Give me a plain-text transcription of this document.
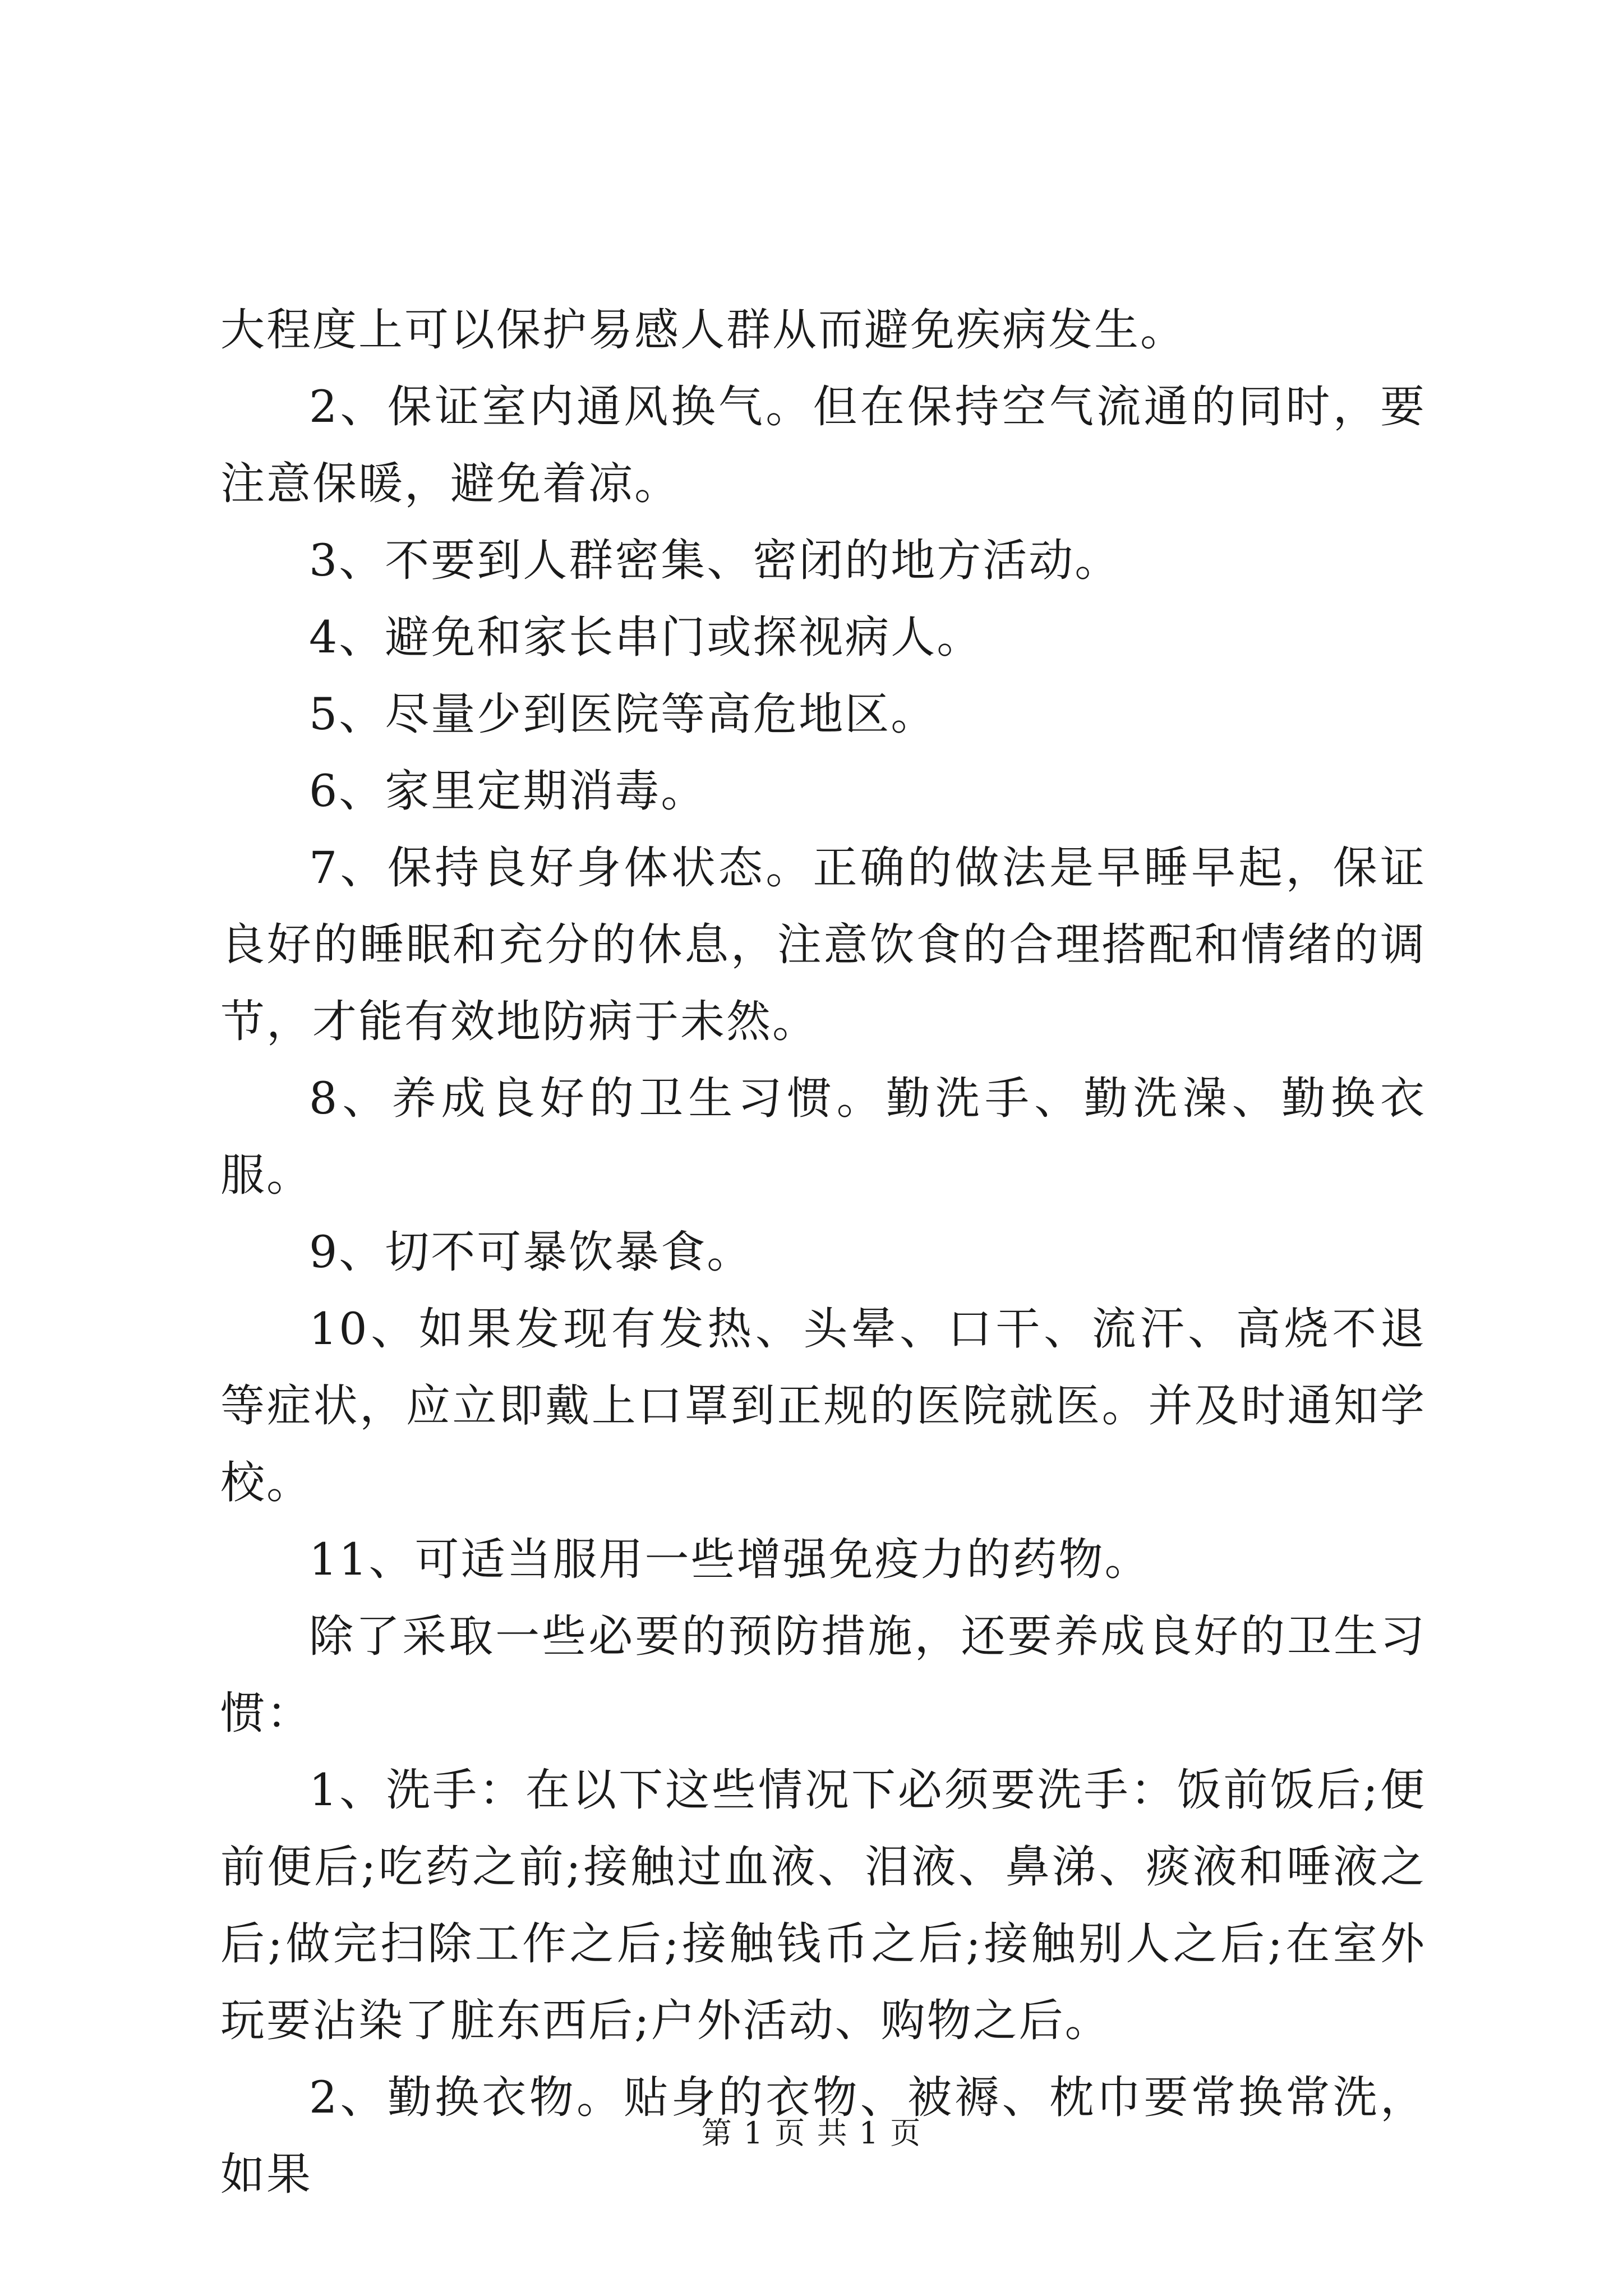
大程度上可以保护易感人群从而避免疾病发生。

2、保证室内通风换气。但在保持空气流通的同时，要注意保暖，避免着凉。

3、不要到人群密集、密闭的地方活动。

4、避免和家长串门或探视病人。

5、尽量少到医院等高危地区。

6、家里定期消毒。

7、保持良好身体状态。正确的做法是早睡早起，保证良好的睡眠和充分的休息，注意饮食的合理搭配和情绪的调节，才能有效地防病于未然。

8、养成良好的卫生习惯。勤洗手、勤洗澡、勤换衣服。

9、切不可暴饮暴食。

10、如果发现有发热、头晕、口干、流汗、高烧不退等症状，应立即戴上口罩到正规的医院就医。并及时通知学校。

11、可适当服用一些增强免疫力的药物。

除了采取一些必要的预防措施，还要养成良好的卫生习惯：

1、洗手：在以下这些情况下必须要洗手：饭前饭后;便前便后;吃药之前;接触过血液、泪液、鼻涕、痰液和唾液之后;做完扫除工作之后;接触钱币之后;接触别人之后;在室外玩要沾染了脏东西后;户外活动、购物之后。

2、勤换衣物。贴身的衣物、被褥、枕巾要常换常洗，如果

第 1 页 共 1 页
